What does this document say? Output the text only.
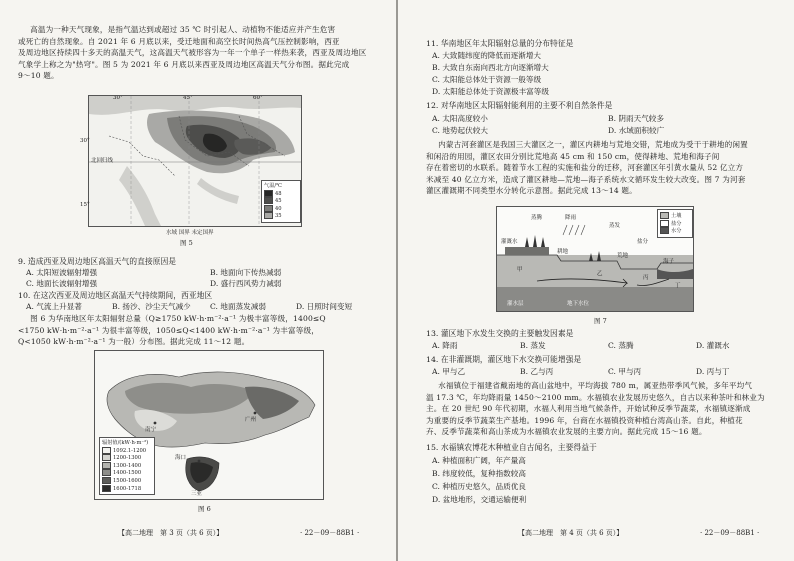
高温为一种天气现象，是指气温达到或超过 35 ℃ 时引起人、动植物不能适应并产生危害
或死亡的自然现象。自 2021 年 6 月底以来，受迁地面和高空长时间热高气压控制影响，西亚
及周边地区持续四十多天的高温天气，这高温天气被形容为一年一个单子一样热来袭，西亚及周边地区
气象学上称之为"热穹"。图 5 为 2021 年 6 月底以来西亚及周边地区高温天气分布图。据此完成
9～10 题。
北回归线
30°	45°	60°
气温/℃
48
45
40
35
30°
15°
水域 国界 未定国界
图 5
9. 造成西亚及周边地区高温天气的直接原因是
A. 太阳短波辐射增强	B. 地面向下传热减弱
C. 地面长波辐射增强	D. 盛行西风势力减弱
10. 在这次西亚及周边地区高温天气持续期间，西亚地区
A. 气流上升显著	B. 扬沙、沙尘天气减少	C. 地面蒸发减弱	D. 日照时间变短
图 6 为华南地区年太阳辐射总量（Q≥1750 kW·h·m⁻²·a⁻¹ 为极丰富等级，1400≤Q
<1750 kW·h·m⁻²·a⁻¹ 为很丰富等级，1050≤Q<1400 kW·h·m⁻²·a⁻¹ 为丰富等级，
Q<1050 kW·h·m⁻²·a⁻¹ 为一般）分布图。据此完成 11～12 题。
南宁
广州
海口
三亚
辐射值/(kW·h·m⁻²)
1092.1-1200
1200-1300
1300-1400
1400-1500
1500-1600
1600-1718
图 6
【高二地理　第 3 页（共 6 页）】	· 22－09－88B1 ·
11. 华南地区年太阳辐射总量的分布特征是
A. 大致随纬度的降低而逐渐增大
B. 大致自东南向西北方向逐渐增大
C. 太阳能总体处于资源一般等级
D. 太阳能总体处于资源极丰富等级
12. 对华南地区太阳辐射能利用的主要不利自然条件是
A. 太阳高度较小	B. 阴雨天气较多
C. 地势起伏较大	D. 水域面积较广
内蒙古河套灌区是我国三大灌区之一，灌区内耕地与荒地交错，荒地成为受干于耕地的闲置
和闲沿的用园，灌区农田分别比荒地高 45 cm 和 150 cm，使得耕地、荒地和海子间
存在着密切的水联系。随着节水工程的实施和盐分的迁移，河套灌区年引黄水量从 52 亿立方
米减至 40 亿立方米，造成了灌区耕地—荒地—海子系统水文循环发生较大改变。图 7 为河套
灌区灌溉期不同类型水分转化示意图。据此完成 13～14 题。
灌溉水
蒸腾	降雨
耕地
荒地
盐分
蒸发
海子
地下水位
灌水层
甲
乙
丙
丁
土壤
盐分
水分
图 7
13. 灌区地下水发生交换的主要触发因素是
A. 降雨	B. 蒸发	C. 蒸腾	D. 灌溉水
14. 在非灌溉期，灌区地下水交换可能增强是
A. 甲与乙	B. 乙与丙	C. 甲与丙	D. 丙与丁
水福镇位于福建省戴南地的高山盆地中，平均海拔 780 m，属亚热带季风气候，多年平均气
温 17.3 ℃，年均降雨量 1450～2100 mm。水福镇农业发展历史悠久，自古以来种茶叶和林业为
主。在 20 世纪 90 年代初期，水福人利用当地气候条件，开始试种反季节蔬菜，水福镇逐渐成
为重要的反季节蔬菜生产基地。1996 年，台商在水福镇投资种植台湾高山茶。自此，种植花
卉、反季节蔬菜和高山茶成为水福镇农业发展的主要方向。据此完成 15～16 题。
15. 水福镇农博花木种植业自古闻名，主要得益于
A. 种植面积广阔，年产量高
B. 纬度较低，复种指数较高
C. 种植历史悠久，品质优良
D. 盆地地形，交通运输便利
【高二地理　第 4 页（共 6 页）】	· 22－09－88B1 ·
